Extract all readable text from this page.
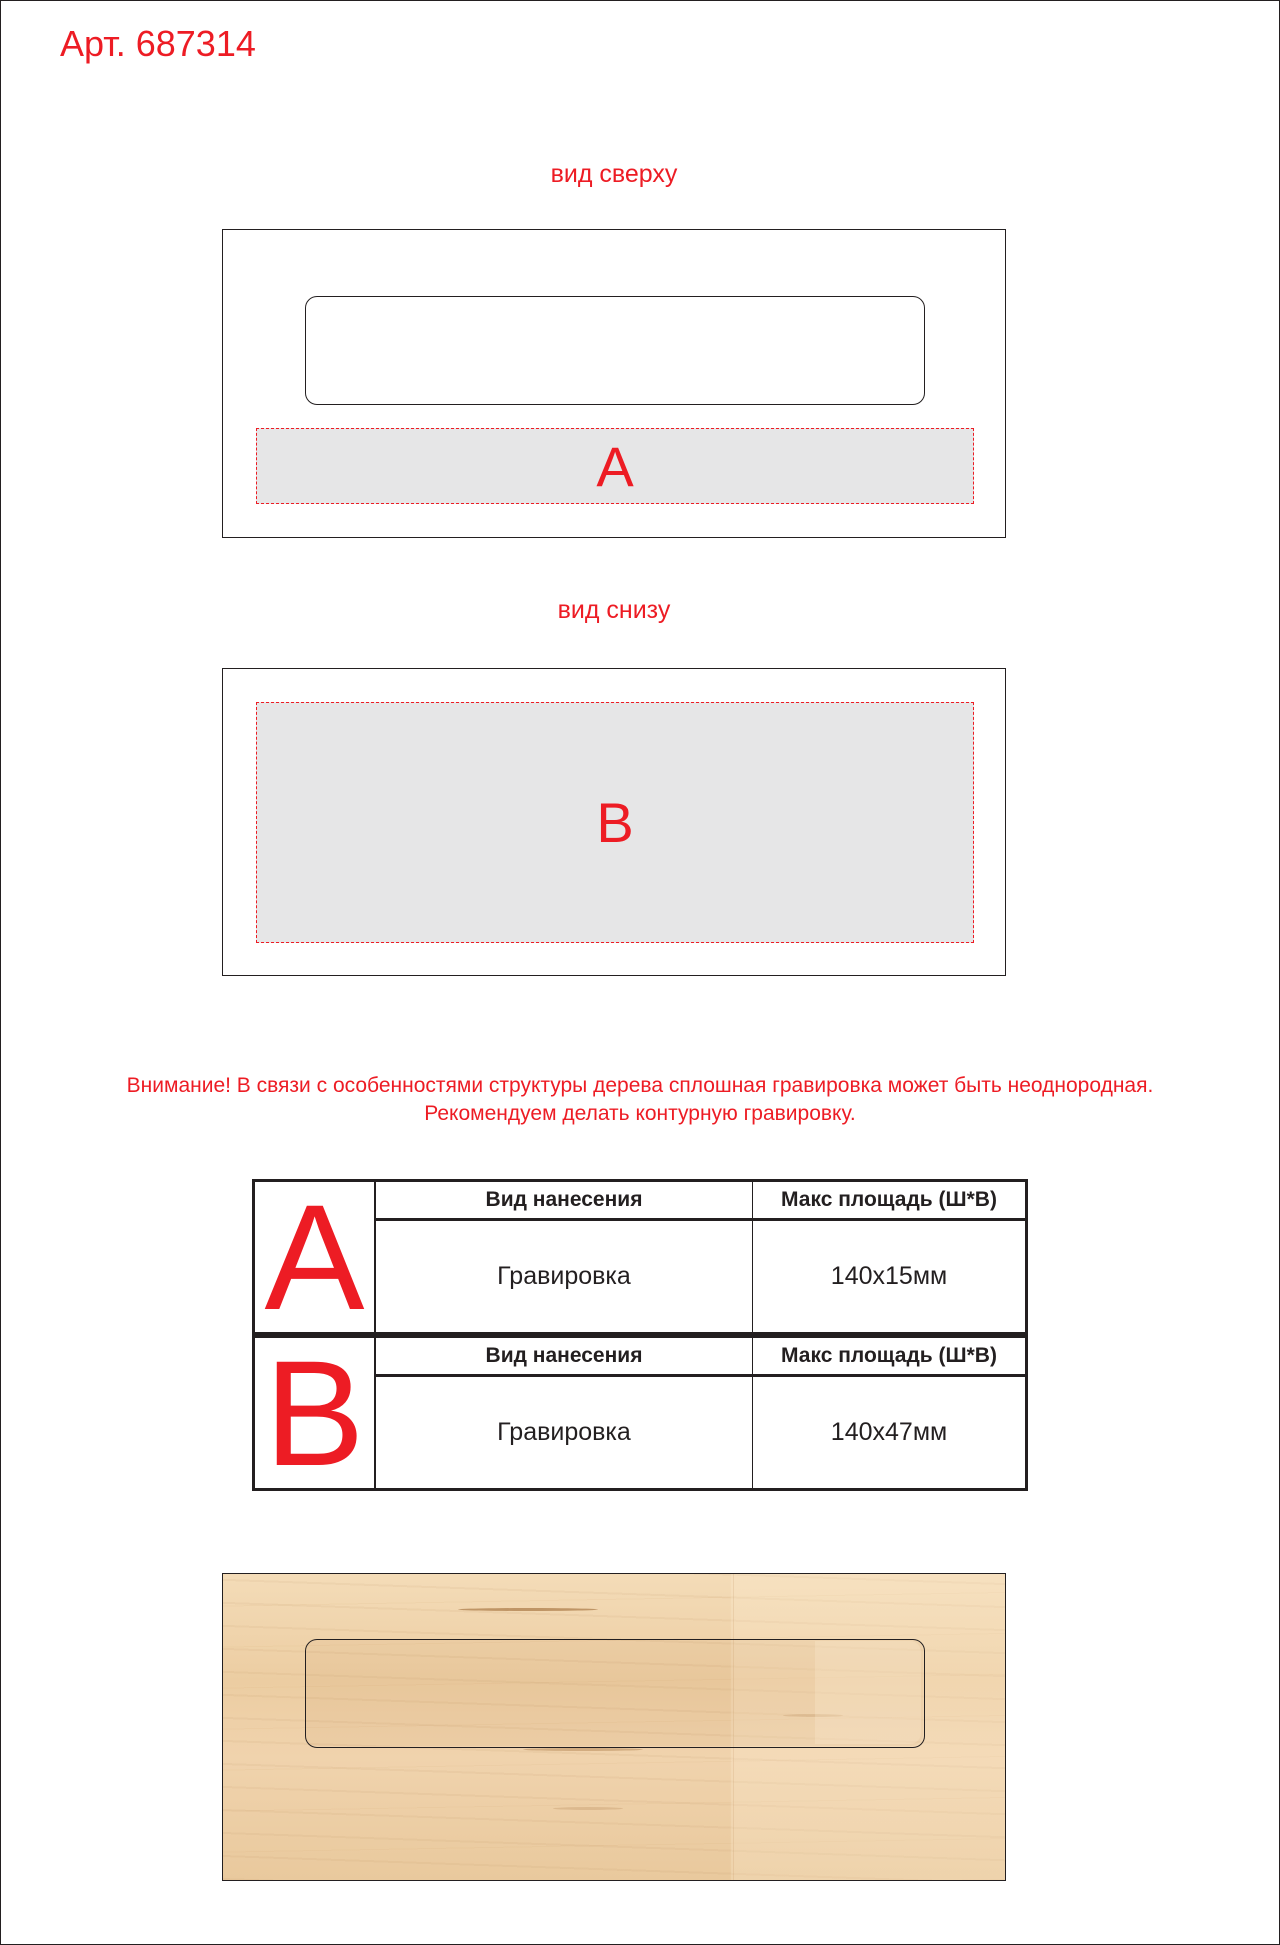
Арт. 687314
вид сверху
A
вид снизу
B
Внимание! В связи с особенностями структуры дерева сплошная гравировка может быть неоднородная.
Рекомендуем делать контурную гравировку.
A	Вид нанесения	Макс площадь (Ш*В)
	Гравировка	140x15мм
B	Вид нанесения	Макс площадь (Ш*В)
	Гравировка	140x47мм
